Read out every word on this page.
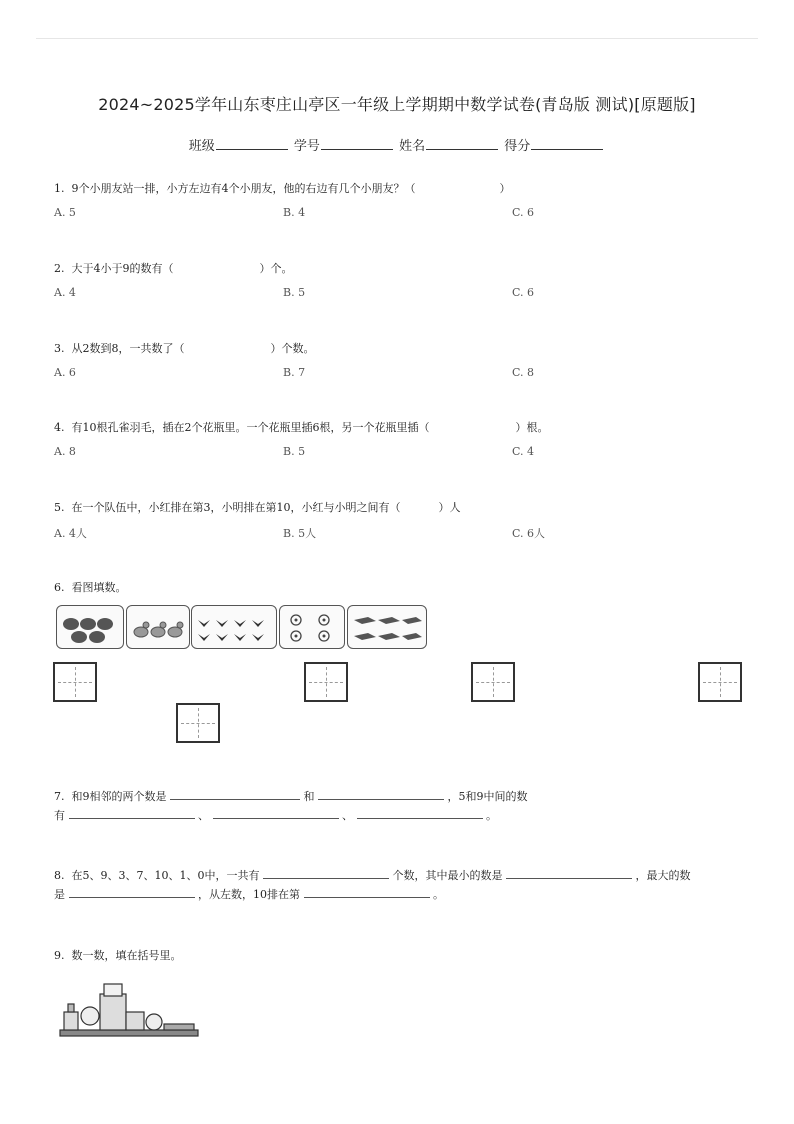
2024~2025学年山东枣庄山亭区一年级上学期期中数学试卷(青岛版 测试)[原题版]
班级	学号	姓名	得分
1. 9个小朋友站一排，小方左边有4个小朋友，他的右边有几个小朋友？（	）
A. 5	B. 4	C. 6
2. 大于4小于9的数有（	）个。
A. 4	B. 5	C. 6
3. 从2数到8，一共数了（	）个数。
A. 6	B. 7	C. 8
4. 有10根孔雀羽毛，插在2个花瓶里。一个花瓶里插6根，另一个花瓶里插（	）根。
A. 8	B. 5	C. 4
5. 在一个队伍中，小红排在第3，小明排在第10，小红与小明之间有（	）人
A. 4人	B. 5人	C. 6人
6. 看图填数。
7. 和9相邻的两个数是	和	，5和9中间的数
有	、	、	。
8. 在5、9、3、7、10、1、0中，一共有	个数，其中最小的数是	，最大的数
是	，从左数，10排在第	。
9. 数一数，填在括号里。
